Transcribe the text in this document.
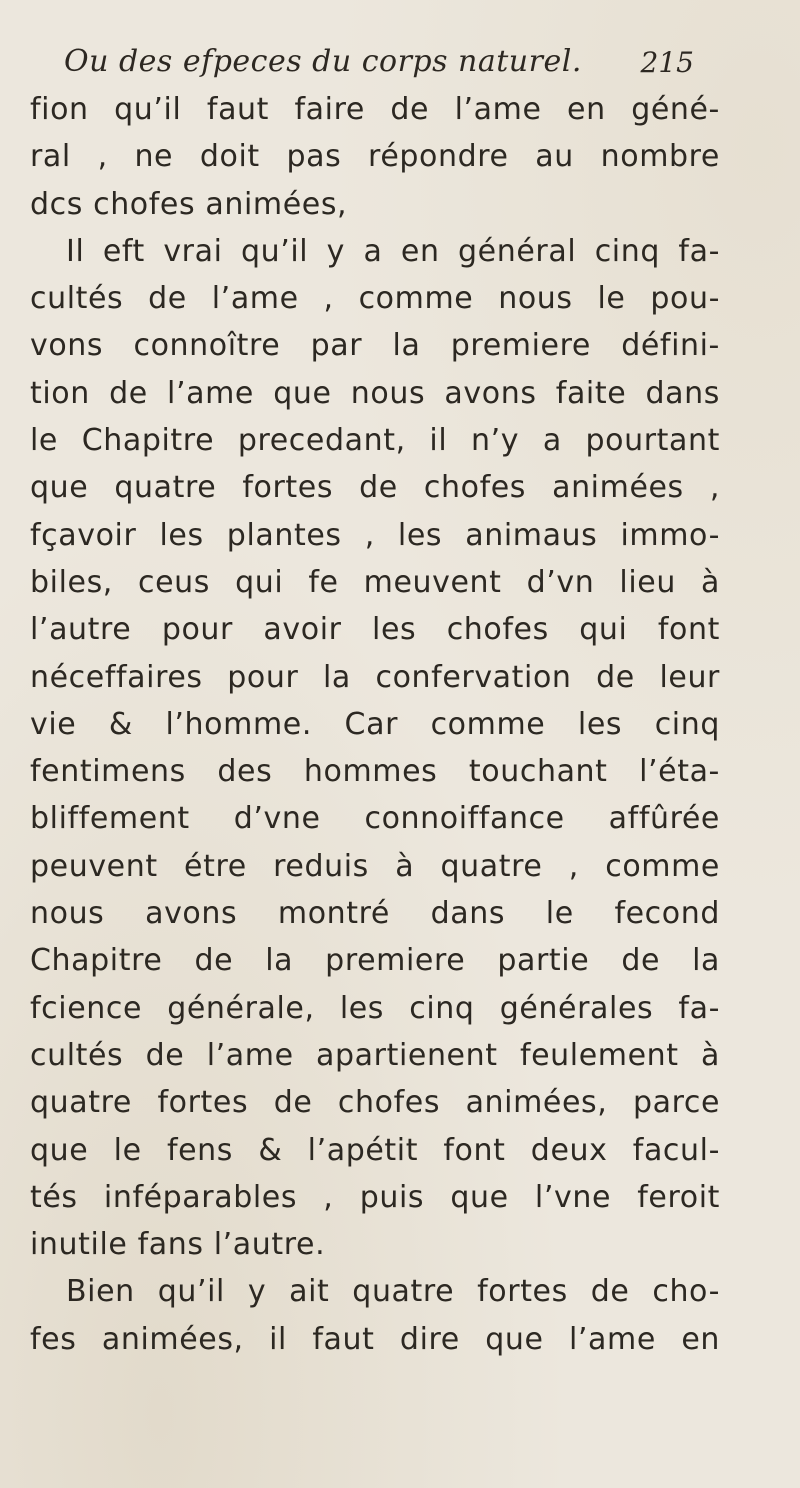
Ou des efpeces du corps naturel. 215
fion qu’il faut faire de l’ame en géné-
ral , ne doit pas répondre au nombre
dcs chofes animées,
Il eft vrai qu’il y a en général cinq fa-
cultés de l’ame , comme nous le pou-
vons connoître par la premiere défini-
tion de l’ame que nous avons faite dans
le Chapitre precedant, il n’y a pourtant
que quatre fortes de chofes animées ,
fçavoir les plantes , les animaus immo-
biles, ceus qui fe meuvent d’vn lieu à
l’autre pour avoir les chofes qui font
néceffaires pour la confervation de leur
vie & l’homme. Car comme les cinq
fentimens des hommes touchant l’éta-
bliffement d’vne connoiffance affûrée
peuvent étre reduis à quatre , comme
nous avons montré dans le fecond
Chapitre de la premiere partie de la
fcience générale, les cinq générales fa-
cultés de l’ame apartienent feulement à
quatre fortes de chofes animées, parce
que le fens & l’apétit font deux facul-
tés inféparables , puis que l’vne feroit
inutile fans l’autre.
Bien qu’il y ait quatre fortes de cho-
fes animées, il faut dire que l’ame en
